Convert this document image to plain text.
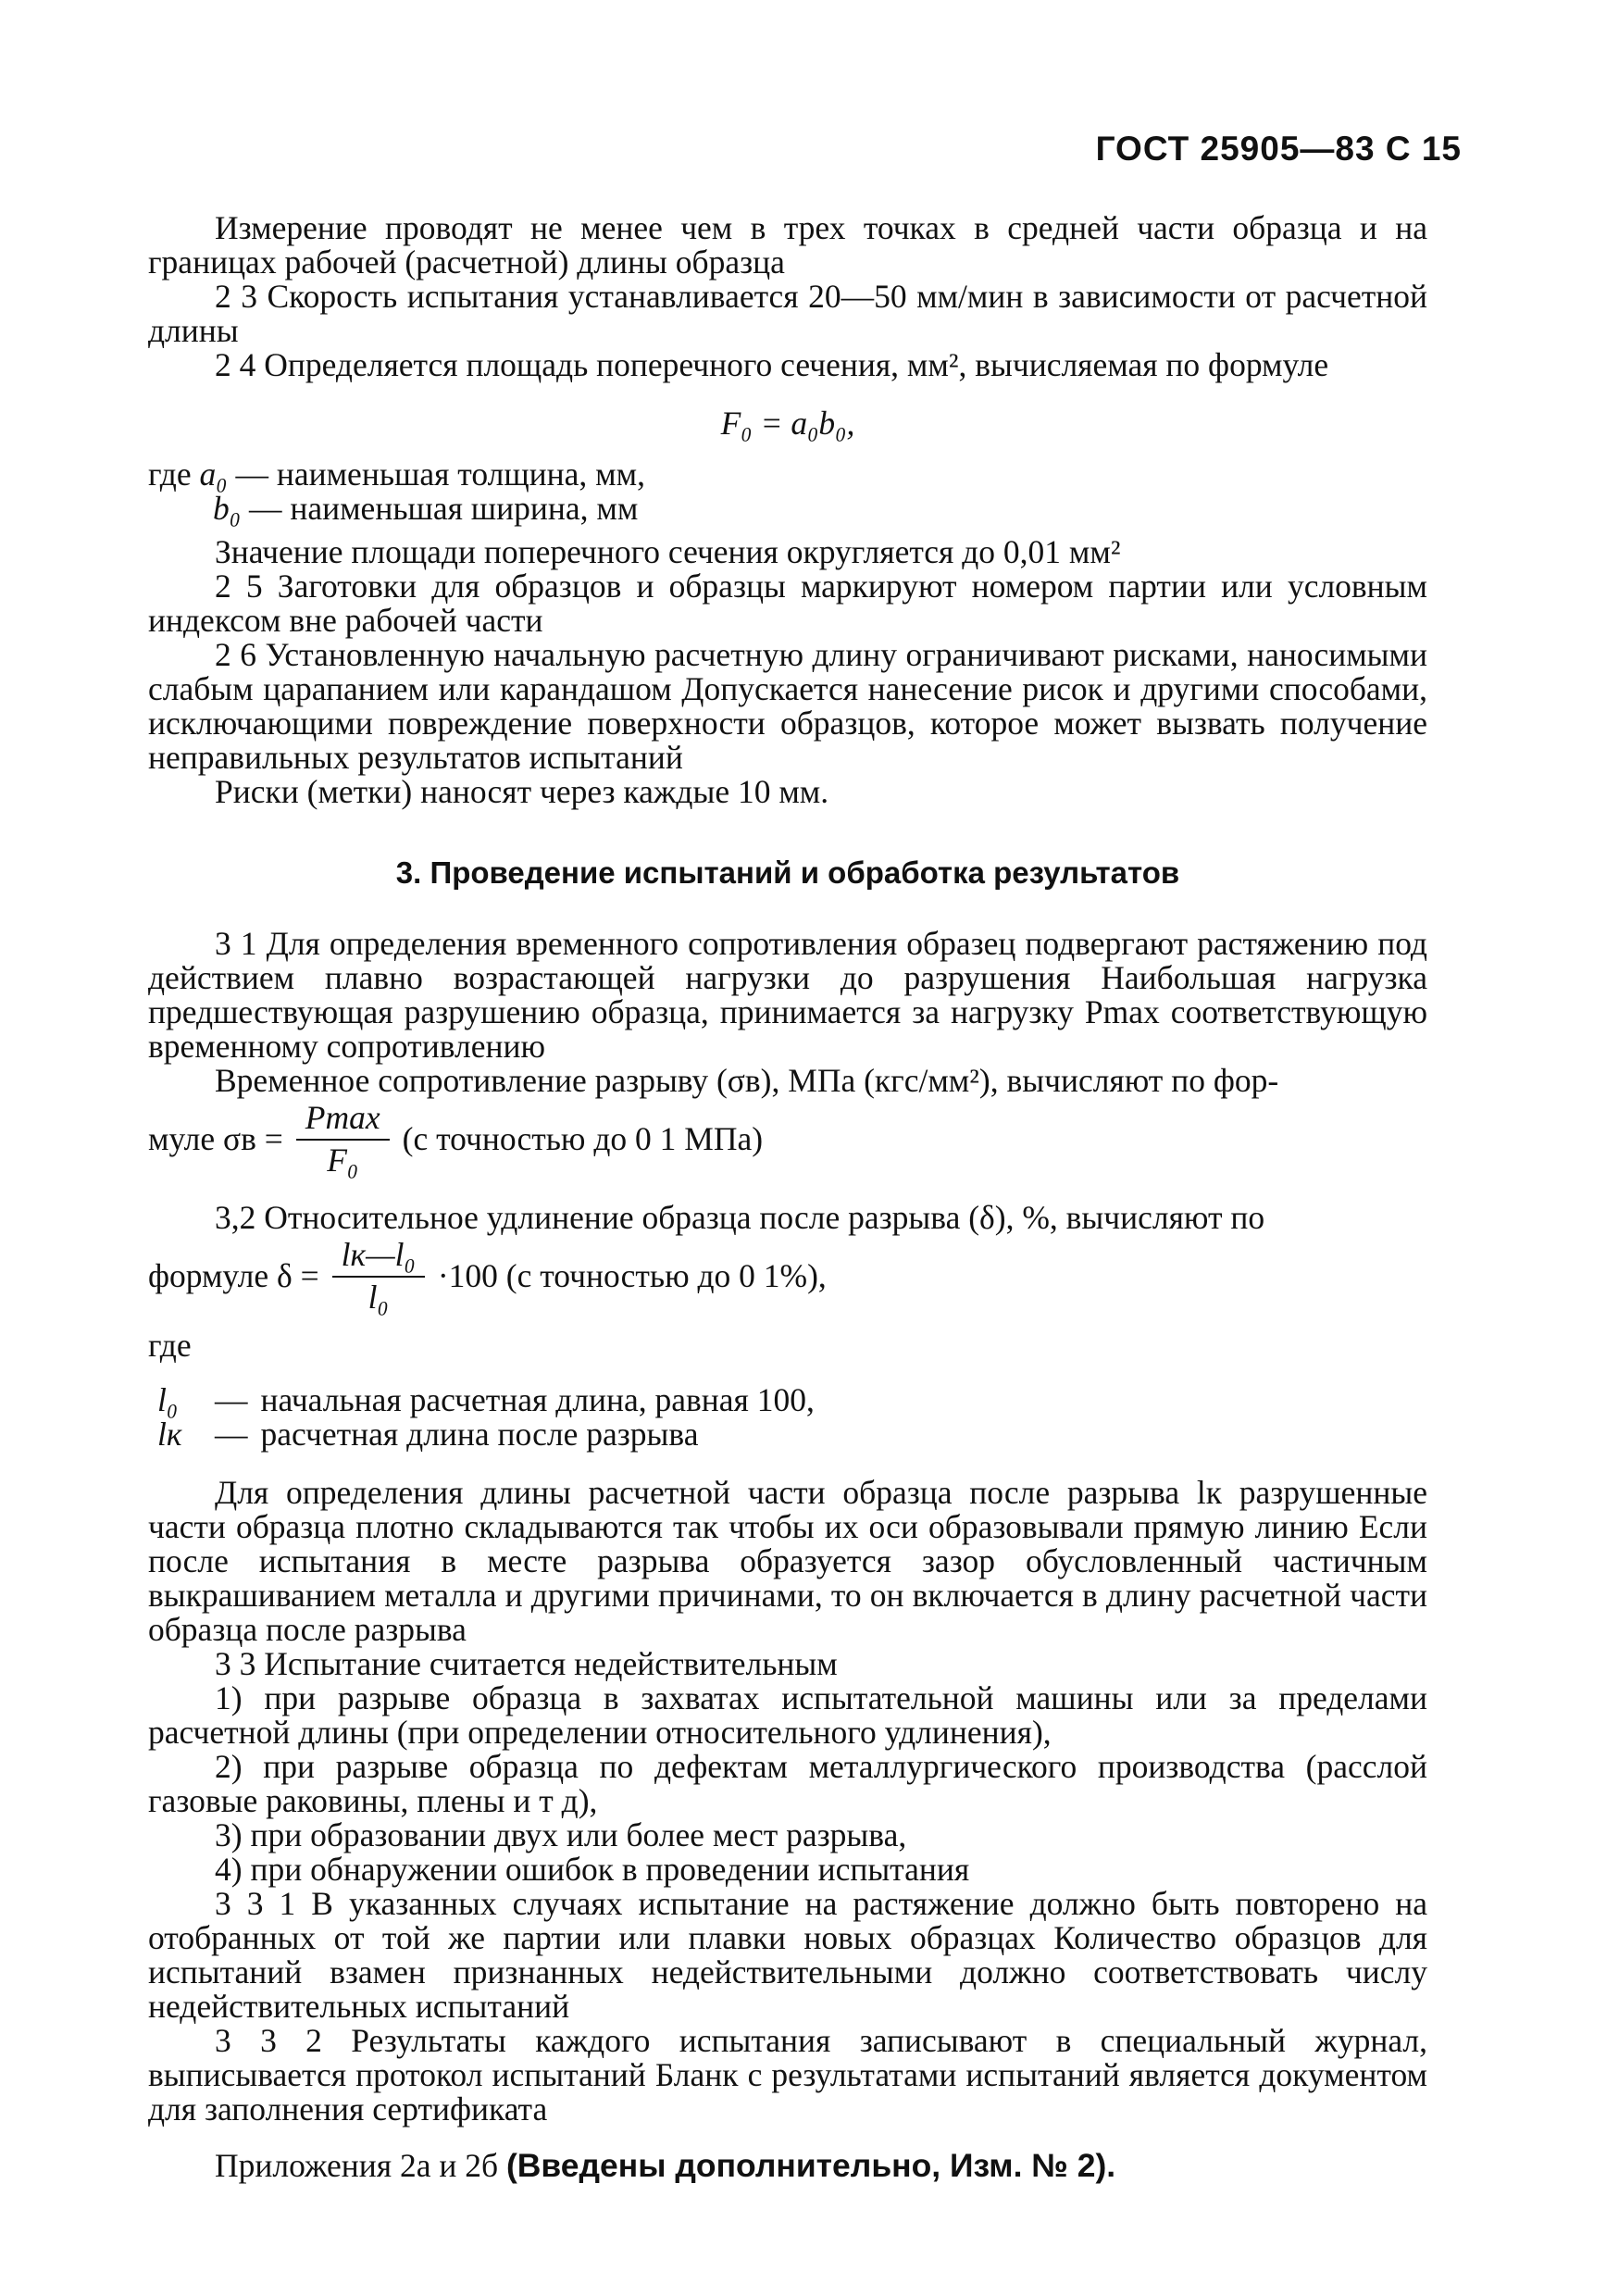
ГОСТ 25905—83 С 15

Измерение проводят не менее чем в трех точках в средней части образца и на границах рабочей (расчетной) длины образца

2 3 Скорость испытания устанавливается 20—50 мм/мин в зависимости от расчетной длины

2 4 Определяется площадь поперечного сечения, мм², вычисляемая по формуле

F₀ = a₀b₀,
где
a₀
— наименьшая толщина, мм,
b₀
— наименьшая ширина, мм

Значение площади поперечного сечения округляется до 0,01 мм²

2 5 Заготовки для образцов и образцы маркируют номером партии или условным индексом вне рабочей части

2 6 Установленную начальную расчетную длину ограничивают рисками, наносимыми слабым царапанием или карандашом Допускается нанесение рисок и другими способами, исключающими повреждение поверхности образцов, которое может вызвать получение неправильных результатов испытаний

Риски (метки) наносят через каждые 10 мм.

3. Проведение испытаний и обработка результатов

3 1 Для определения временного сопротивления образец подвергают растяжению под действием плавно возрастающей нагрузки до разрушения Наибольшая нагрузка предшествующая разрушению образца, принимается за нагрузку Pmax соответствующую временному сопротивлению

Временное сопротивление разрыву (σв), МПа (кгс/мм²), вычисляют по фор-

муле $\sigma в = \frac{Pmax}{\text{F₀}} (с$ точностью до 0 1 МПа)

3,2 Относительное удлинение образца после разрыва (δ), %, вычисляют по

формуле $\delta = \frac{\text{lк—l₀}}{\text{l₀}} \cdot 100$ (с точностью до 0 1%),
где
l₀	— начальная расчетная длина, равная 100,
lк	— расчетная длина после разрыва

Для определения длины расчетной части образца после разрыва lк разрушенные части образца плотно складываются так чтобы их оси образовывали прямую линию Если после испытания в месте разрыва образуется зазор обусловленный частичным выкрашиванием металла и другими причинами, то он включается в длину расчетной части образца после разрыва

3 3 Испытание считается недействительным

1) при разрыве образца в захватах испытательной машины или за пределами расчетной длины (при определении относительного удлинения),

2) при разрыве образца по дефектам металлургического производства (расслой газовые раковины, плены и т д),

3) при образовании двух или более мест разрыва,

4) при обнаружении ошибок в проведении испытания

3 3 1 В указанных случаях испытание на растяжение должно быть повторено на отобранных от той же партии или плавки новых образцах Количество образцов для испытаний взамен признанных недействительными должно соответствовать числу недействительных испытаний

3 3 2 Результаты каждого испытания записывают в специальный журнал, выписывается протокол испытаний Бланк с результатами испытаний является документом для заполнения сертификата

Приложения 2а и 2б (Введены дополнительно, Изм. № 2).
